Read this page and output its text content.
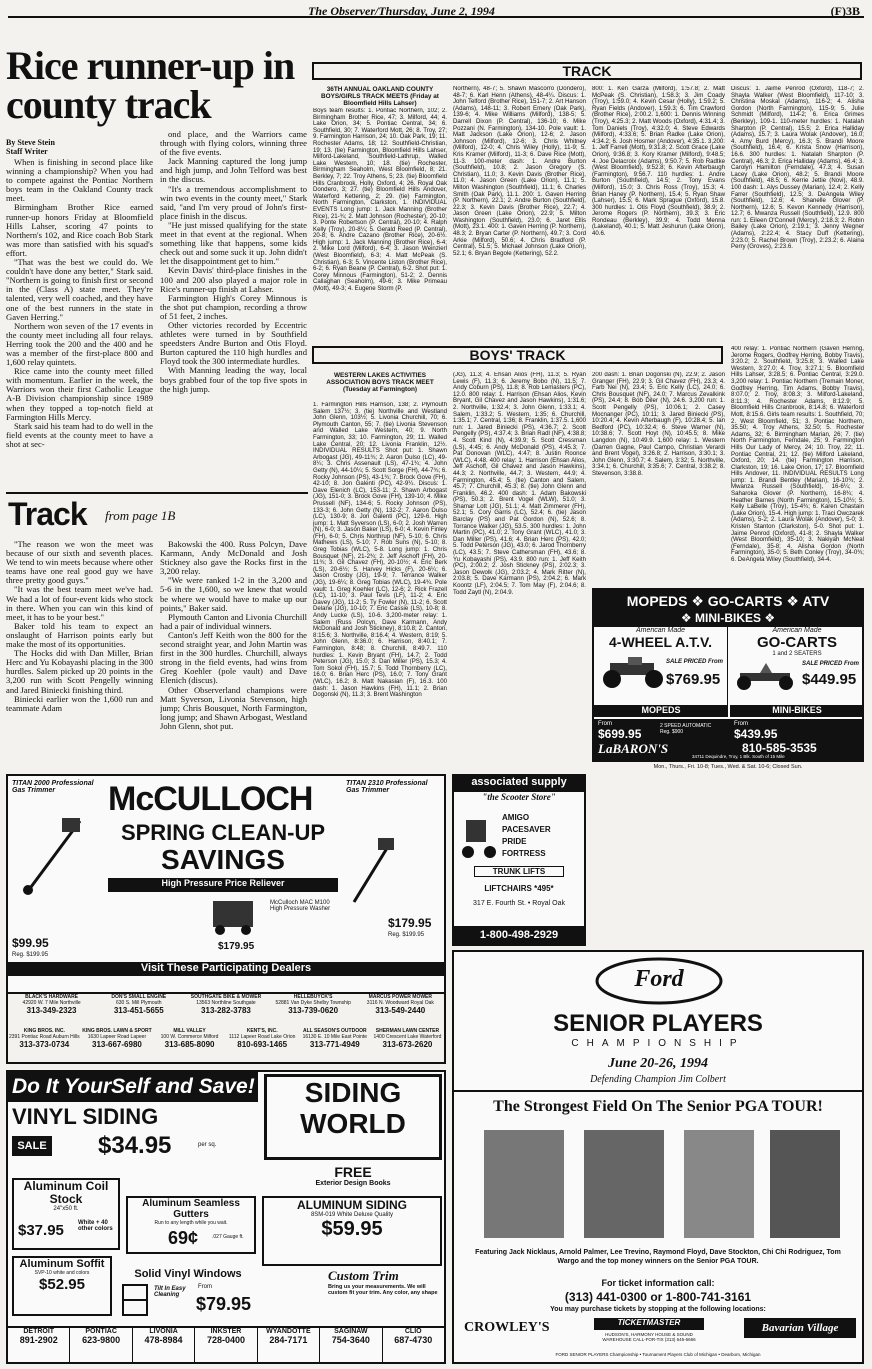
The Observer/Thursday, June 2, 1994	(F)3B
Rice runner-up in county track
By Steve Stein
Staff Writer

When is finishing in second place like winning a championship? When you had to compete against the Pontiac Northern boys team in the Oakland County track meet.

Birmingham Brother Rice earned runner-up honors Friday at Bloomfield Hills Lahser, scoring 47 points to Northern's 102, and Rice coach Bob Stark was more than satisfied with his squad's effort.

"That was the best we could do. We couldn't have done any better," Stark said. "Northern is going to finish first or second in the (Class A) state meet. They're talented, very well coached, and they have one of the best runners in the state in Gaven Herring."

Northern won seven of the 17 events in the county meet including all four relays. Herring took the 200 and the 400 and he was a member of the first-place 800 and 1,600 relay quintets.

Rice came into the county meet filled with momentum. Earlier in the week, the Warriors won their first Catholic League A-B Division championship since 1989 when they topped a top-notch field at Farmington Hills Mercy.

Stark said his team had to do well in the field events at the county meet to have a shot at sec-

ond place, and the Warriors came through with flying colors, winning three of the five events.

Jack Manning captured the long jump and high jump, and John Telford was best in the discus.

"It's a tremendous accomplishment to win two events in the county meet," Stark said, "and I'm very proud of John's first-place finish in the discus.

"He just missed qualifying for the state meet in that event at the regional. When something like that happens, some kids check out and some suck it up. John didn't let the disappointment get to him."

Kevin Davis' third-place finishes in the 100 and 200 also played a major role in Rice's runner-up finish at Lahser.

Farmington High's Corey Minnous is the shot put champion, recording a throw of 51 feet, 2 inches.

Other victories recorded by Eccentric athletes were turned in by Southfield speedsters Andre Burton and Otis Floyd. Burton captured the 110 high hurdles and Floyd took the 300 intermediate hurdles.

With Manning leading the way, local boys grabbed four of the top five spots in the high jump.

Track from page 1B

"The reason we won the meet was because of our sixth and seventh places. We tend to win meets because where other teams have one real good guy we have three pretty good guys."

"It was the best team meet we've had. We had a lot of four-event kids who stock in there. When you can win this kind of meet, it has to be your best."

Baker told his team to expect an onslaught of Harrison points early but make the most of its opportunities.

The Hocks did with Dan Miller, Brian Herc and Yu Kobayashi placing in the 300 hurdles. Salem picked up 20 points in the 3,200 run with Scott Pengelly winning and Jared Biniecki finishing third.

Biniecki earlier won the 1,600 run and teammate Adam

Bakowski the 400. Russ Polcyn, Dave Karmann, Andy McDonald and Josh Stickney also gave the Rocks first in the 3,200 relay.

"We were ranked 1-2 in the 3,200 and 5-6 in the 1,600, so we knew that would be where we would have to make up our points," Baker said.

Plymouth Canton and Livonia Churchill had a pair of individual winners.

Canton's Jeff Keith won the 800 for the second straight year, and John Martin was first in the 300 hurdles. Churchill, always strong in the field events, had wins from Greg Koehler (pole vault) and Dave Elenich (discus).

Other Observerland champions were Matt Syverson, Livonia Stevenson, high jump; Chris Bousquet, North Farmington, long jump; and Shawn Arbogast, Westland John Glenn, shot put.

TRACK
36TH ANNUAL OAKLAND COUNTY BOYS/GIRLS TRACK MEETS (Friday at Bloomfield Hills Lahser)
Boys team results: 1. Pontiac Northern, 102; 2. Birmingham Brother Rice, 47; 3. Milford, 44; 4. Lake Orion, 34; 5. Pontiac Central, 34; 6. Southfield, 30; 7. Waterford Mott, 26; 8. Troy, 27; 9. Farmington Harrison, 24; 10. Oak Park, 19; 11. Rochester Adams, 18; 12. Southfield-Christian, 19; 13. (tie) Farmington, Bloomfield Hills Lahser, Milford-Lakeland, Southfield-Lathrup, Walled Lake Western, 10; 18. (tie) Rochester, Birmingham Seaholm, West Bloomfield, 8; 21. Berkley, 7; 22. Troy Athens, 5; 23. (tie) Bloomfield Hills Cranbrook, Holly, Oxford, 4; 26. Royal Oak Dondero, 3; 27. (tie) Bloomfield Hills Andover, Waterford Kettering, 2; 29. (tie) Farmington, North Farmington, Clarkston, 1. INDIVIDUAL EVENTS Long jump: 1. Jack Manning (Brother Rice), 21-¾; 2. Matt Johnson (Rochester), 20-10; 3. Ponte Robertson (P. Central), 20-10; 4. Ralph Kelly (Troy), 20-8¼; 5. Gerald Reed (P. Central), 20-8; 6. Andre Cazano (Brother Rice), 20-6½. High jump: 1. Jack Manning (Brother Rice), 6-4; 2. Mike Lord (Milford), 6-4; 3. Jason Weinzierl (West Bloomfield), 6-3; 4. Matt McPeak (S. Christian), 6-3; 5. Vincente Liston (Brother Rice), 6-2; 6. Ryan Beane (P. Central), 6-2. Shot put: 1. Corey Minnous (Farmington), 51-2; 2. Dennis Callaghan (Seaholm), 49-6; 3. Mike Primeau (Mott), 49-3; 4. Eugene Storm (P.
Northern), 48-7; 5. Shawn Mascorro (Dondero), 48-7; 6. Karl Henn (Athens), 48-4¼. Discus: 1. John Telford (Brother Rice), 151-7; 2. Art Hanson (Adams), 148-11; 3. Robert Emery (Oak Park), 139-6; 4. Mike Williams (Milford), 138-5; 5. Darrell Dixon (P. Central), 136-10; 6. Mike Pozzani (N. Farmington), 134-10. Pole vault: 1. Matt Jackson (Lake Orion), 12-6; 2. Jason Johnson (Milford), 12-6; 3. Chris Whitney (Milford), 12-0; 4. Chris Wiley (Holly), 11-9; 5. Kris Kramer (Milford), 11-3; 6. Dave Rice (Mott), 11-3. 100-meter dash: 1. Andre Burton (Southfield), 10.8; 2. Jason Gregory (S. Christian), 11.0; 3. Kevin Davis (Brother Rice), 11.0; 4. Jason Green (Lake Orion), 11.1; 5. Milton Washington (Southfield), 11.1; 6. Charles Smith (Oak Park), 11.1. 200: 1. Gaven Herring (P. Northern), 22.1; 2. Andre Burton (Southfield), 22.3; 3. Kevin Davis (Brother Rice), 22.7; 4. Jason Green (Lake Orion), 22.9; 5. Milton Washington (Southfield), 23.0; 6. Jaret Ellis (Mott), 23.1. 400: 1. Gaven Herring (P. Northern), 48.3; 2. Bryan Carter (P. Northern), 49.7; 3. Cord Arkie (Milford), 50.6; 4. Chris Bradford (P. Central), 51.5; 5. Michael Johnson (Lake Orion), 52.1; 6. Bryan Begole (Kettering), 52.2.
800: 1. Ken Garza (Milford), 1:57.8; 2. Matt McPeak (S. Christian), 1:58.3; 3. Jim Coady (Troy), 1:59.0; 4. Kevin Cesar (Holly), 1:59.2; 5. Ryan Fields (Andover), 1:59.3; 6. Tim Crawford (Brother Rice), 2:00.2. 1,600: 1. Dennis Winning (Troy), 4:25.3; 2. Matt Woods (Oxford), 4:31.4; 3. Tom Daniels (Troy), 4:32.0; 4. Steve Edwards (Milford), 4:33.6; 5. Brian Radke (Lake Orion), 4:34.2; 6. Josh Hosmer (Andover), 4:35.1. 3,200: 1. Jeff Farrell (Mott), 9:31.8; 2. Scott Grace (Lake Orion), 9:36.8; 3. Kory Kramer (Milford), 9:48.5; 4. Joe Delacroix (Adams), 9:50.7; 5. Rob Radtke (West Bloomfield), 9:52.8; 6. Kevin Afterbaugh (Farmington), 9:56.7. 110 hurdles: 1. Andre Burton (Southfield), 14.5; 2. Tony Evans (Milford), 15.0; 3. Chris Ross (Troy), 15.3; 4. Brian Haney (P. Northern), 15.4; 5. Ryan Shaw (Lahser), 15.5; 6. Mark Sprague (Oxford), 15.8. 300 hurdles: 1. Otis Floyd (Southfield), 38.9; 2. Jerome Rogers (P. Northern), 39.3; 3. Eric Rondeau (Berkley), 39.9; 4. Todd Menna (Lakeland), 40.1; 5. Matt Jeshurun (Lake Orion), 40.6.
Discus: 1. Jaime Penrod (Oxford), 118-7; 2. Shayla Walker (West Bloomfield), 117-10; 3. Christina Moskal (Adams), 116-2; 4. Alisha Gordon (North Farmington), 115-9; 5. Julie Schmidt (Milford), 114-2; 6. Erica Grimes (Berkley), 109-1. 110-meter hurdles: 1. Natalah Sharpton (P. Central), 15.5; 2. Erica Halliday (Adams), 15.7; 3. Laura Wolak (Andover), 16.0; 4. Amy Burd (Mercy), 16.3; 5. Brandi Moore (Southfield), 16.4; 6. Krista Snow (Harrison), 16.6. 300 hurdles: 1. Natalah Sharpton (P. Central), 46.3; 2. Erica Halliday (Adams), 46.4; 3. Carolyn Hamilton (Ferndale), 47.3; 4. Susan Lacey (Lake Orion), 48.2; 5. Brandi Moore (Southfield), 48.5; 6. Kerrie Jettie (Novi), 48.9. 100 dash: 1. Alys Dussey (Marian), 12.4; 2. Kelly Farrer (Southfield), 12.5; 3. DeAngela Wiley (Southfield), 12.6; 4. Shanelle Glover (P. Northern), 12.6; 5. Kevon Kennedy (Harrison), 12.7; 6. Mwanza Russell (Southfield), 12.9. 800 run: 1. Eileen O'Connell (Mercy), 2:18.3; 2. Robin Bailey (Lake Orion), 2:19.1; 3. Jenny Wegner (Adams), 2:22.4; 4. Stacy Duff (Kettering), 2:23.0; 5. Rachel Brown (Troy), 2:23.2; 6. Alaina Perry (Groves), 2:23.6.
BOYS' TRACK
WESTERN LAKES ACTIVITIES ASSOCIATION BOYS TRACK MEET (Tuesday at Farmington)
1. Farmington Hills Harrison, 138; 2. Plymouth Salem 137½; 3. (tie) Northville and Westland John Glenn, 103½; 5. Livonia Churchill, 70; 6. Plymouth Canton, 55; 7. (tie) Livonia Stevenson and Walled Lake Western, 40; 9. North Farmington, 33; 10. Farmington, 29; 11. Walled Lake Central, 20; 12. Livonia Franklin, 12½. INDIVIDUAL RESULTS Shot put: 1. Shawn Arbogast (JG), 49-11¾; 2. Aaron Dulso (LC), 49-8¼; 3. Chris Assenault (LS), 47-1¾; 4. John Getty (N), 44-10¼; 5. Scott Sorge (FH), 44-7¾; 6. Rocky Johnson (PS), 43-1¾; 7. Brock Gove (FH), 42-10; 8. Jon Galenti (PC), 42-9¼. Discus: 1. Dave Elenich (LC), 153-11; 2. Shawn Arbogast (JG), 151-0; 3. Brock Gove (FH), 139-10; 4. Mike Prussell (NF), 134-6; 5. Rocky Johnson (PS), 133-3; 6. John Getty (N), 132-2; 7. Aaron Dulso (LC), 130-9; 8. Jon Galenti (PC), 129-6. High jump: 1. Matt Syverson (LS), 6-0; 2. Josh Warren (N), 6-0; 3. Jason Baker (LS), 6-0; 4. Kevin Finley (FH), 6-0; 5. Chris Northrup (NF), 5-10; 6. Chris Mathews (LS), 5-10; 7. Rob Suns (N), 5-10; 8. Greg Tobias (WLC), 5-8. Long jump: 1. Chris Bousquet (NF), 21-2¾; 2. Jeff Aschoff (FH), 20-11¾; 3. Gil Chavez (FH), 20-10½; 4. Eric Berk (LS), 20-6½; 5. Harvey Hicks (F), 20-6¼; 6. Jason Crosby (JG), 19-9; 7. Terrance Walker (JG), 19-6¼; 8. Greg Tobias (WLC), 19-4¾. Pole vault: 1. Greg Koehler (LC), 12-6; 2. Rick Frazell (LC), 11-10; 3. Paul Tevis (LF), 11-2; 4. Eric Davey (JG), 11-2; 5. Ty Fowler (N), 11-2; 6. Scott Delane (JG), 10-10; 7. Eric Cassie (LS), 10-8; 8. Andy Lucke (LS), 10-6. 3,200-meter relay: 1. Salem (Russ Polcyn, Dave Karmann, Andy McDonald and Josh Stickney), 8:10.8; 2. Canton, 8:15.6; 3. Northville, 8:16.4; 4. Western, 8:19; 5. John Glenn, 8:36.0; 6. Harrison, 8:40.1; 7. Farmington, 8:48; 8. Churchill, 8:49.7. 110 hurdles: 1. Kevin Bryant (FH), 14.7; 2. Todd Peterson (JG), 15.0; 3. Dan Miller (PS), 15.3; 4. Tom Sokol (FH), 15.7; 5. Todd Thornberry (LC), 16.0; 6. Brian Herc (PS), 16.0; 7. Tony Grant (WLC), 16.2; 8. Matt Nakasian (F), 16.3. 100 dash: 1. Jason Hawkins (FH), 11.1; 2. Brian Dogonski (N), 11.3; 3. Brent Washington
(JG), 11.3; 4. Ehsan Alios (FH), 11.3; 5. Ryan Lewis (F), 11.3; 6. Jeremy Bobo (N), 11.5; 7. Andy Coburn (PS), 11.8; 8. Rob Lemasters (PC), 12.0. 800 relay: 1. Harrison (Ehsan Alios, Kevin Bryant, Gil Chavez and Jason Hawkins), 1:31.6; 2. Northville, 1:32.4; 3. John Glenn, 1:33.1; 4. Salem, 1:33.2; 5. Western, 1:35; 6. Churchill, 1:35.1; 7. Central, 1:36; 8. Franklin, 1:37.5. 1,600 run: 1. Jared Biniecki (PS), 4:36.7; 2. Scott Pengelly (PS), 4:37.4; 3. Brian Radl (NF), 4:38.8; 4. Scott Kind (N), 4:39.9; 5. Scott Cressman (LS), 4:45; 6. Andy McDonald (PS), 4:45.3; 7. Pat Donovan (WLC), 4:47; 8. Justin Roonce (WLC), 4:48. 400 relay: 1. Harrison (Ehsan Alios, Jeff Aschoff, Gil Chavez and Jason Hawkins), 44.3; 2. Northville, 44.7; 3. Western, 44.9; 4. Farmington, 45.4; 5. (tie) Canton and Salem, 45.7; 7. Churchill, 45.3; 8. (tie) John Glenn and Franklin, 46.2. 400 dash: 1. Adam Bakowski (PS), 50.3; 2. Brent Vogel (WLW), 51.0; 3. Shamar Lott (JG), 51.1; 4. Matt Zimmerer (FH), 52.1; 5. Cory Garris (LC), 52.4; 6. (tie) Jason Barclay (PS) and Pat Gordon (N), 52.6; 8. Torrance Walker (JG), 53.5. 300 hurdles: 1. John Martin (PC), 41.0; 2. Tony Grant (WLC), 41.0; 3. Dan Miller (PS), 41.6; 4. Brian Herc (PS), 42.0; 5. Todd Peterson (JG), 43.0; 6. Jarod Thornberry (LC), 43.5; 7. Steve Cathersman (FH), 43.6; 8. Yu Kobayashi (PS), 43.9. 800 run: 1. Jeff Keith (PC), 2:00.2; 2. Josh Stickney (PS), 2:02.3; 3. Jason Dewolk (JG), 2:03.2; 4. Mark Ritter (N), 2:03.8; 5. Dave Karmann (PS), 2:04.2; 6. Mark Koontz (LF), 2:04.5; 7. Tom May (F), 2:04.6; 8. Todd Zaytl (N), 2:04.9.
200 dash: 1. Brian Dogonski (N), 22.9; 2. Jason Granger (FH), 22.9; 3. Gil Chavez (FH), 23.3; 4. Farb Nei (N), 23.4; 5. Eric Kelly (LC), 24.0; 6. Chris Bousquet (NF), 24.0; 7. Marcus Zevalkink (PS), 24.4; 8. Bob Diler (N), 24.6. 3,200 run: 1. Scott Pengelly (PS), 10:06.1; 2. Casey Mocnanger (PC), 10:11; 3. Jared Biniecki (PS), 10:20.4; 4. Kevin Afterbaugh (F), 10:28.4; 5. Ian Bedford (PC), 10:32.4; 6. Steve Warner (N), 10:38.6; 7. Scott Hoyt (N), 10:45.5; 8. Mike Langdon (N), 10:49.9. 1,600 relay: 1. Western (Darren Gagne, Paul Campo, Christian Verardi and Brent Vogel), 3:26.8; 2. Harrison, 3:30.1; 3. John Glenn, 3:30.7; 4. Salem, 3:32; 5. Northville, 3:34.1; 6. Churchill, 3:35.6; 7. Central, 3:38.2; 8. Stevenson, 3:38.8.
400 relay: 1. Pontiac Northern (Gaven Herring, Jerome Rogers, Godfrey Herring, Bobby Travis), 3:20.2; 2. Southfield, 3:25.8; 3. Walled Lake Western, 3:27.0; 4. Troy, 3:27.1; 5. Bloomfield Hills Lahser, 3:28.5; 6. Pontiac Central, 3:29.0. 3,200 relay: 1. Pontiac Northern (Tremain Moner, Godfrey Herring, Tim Adams, Bobby Travis), 8:07.0; 2. Troy, 8:08.3; 3. Milford-Lakeland, 8:11.3; 4. Rochester Adams, 8:12.9; 5. Bloomfield Hills Cranbrook, 8:14.8; 6. Waterford Mott, 8:15.6. Girls team results: 1. Southfield, 70; 2. West Bloomfield, 51; 3. Pontiac Northern, 35.50; 4. Troy Athens, 32.50; 5. Rochester Adams, 32; 6. Birmingham Marian, 26; 7. (tie) North Farmington, Ferndale, 25; 9. Farmington Hills Our Lady of Mercy, 24; 10. Troy, 22; 11. Pontiac Central, 21; 12. (tie) Milford Lakeland, Oxford, 20; 14. (tie) Farmington Harrison, Clarkston, 19; 16. Lake Orion, 17; 17. Bloomfield Hills Andover, 11. INDIVIDUAL RESULTS Long jump: 1. Brandi Bentley (Marian), 16-10¾; 2. Mwanza Russell (Southfield), 16-6¼; 3. Saharoka Glover (P. Northern), 16-8¾; 4. Heather Barnes (North Farmington), 15-10½; 5. Kelly LaBelle (Troy), 15-4¾; 6. Karen Chastain (Lake Orion), 15-4. High jump: 1. Traci Owczarek (Adams), 5-2; 2. Laura Wolak (Andover), 5-0; 3. Kristen Stanton (Clarkston), 5-0. Shot put: 1. Jaime Penrod (Oxford), 41-8; 2. Shayla Walker (West Bloomfield), 35-10; 3. Nakiyah McNeal (Ferndale), 35-8; 4. Alisha Gordon (North Farmington), 35-0; 5. Beth Conley (Troy), 34-0¾; 6. DeAngela Wiley (Southfield), 34-4.
MOPEDS ❖ GO-CARTS ❖ ATV
❖ MINI-BIKES ❖
American Made
4-WHEEL A.T.V.
SALE PRICED From
$769.95
American Made
GO-CARTS
1 and 2 SEATERS
SALE PRICED From
$449.95
MOPEDS	MINI-BIKES
From
$699.95
2 SPEED AUTOMATIC Reg. $900
From
$439.95
LaBARON'S	810-585-3535
34711 Dequindre, Troy, 1 Blk. South of 15 Mile
Mon., Thurs., Fri. 10-8; Tues., Wed. & Sat. 10-6; Closed Sun.
TITAN 2000 Professional Gas Trimmer
$99.95
Reg. $199.95
McCULLOCH
SPRING CLEAN-UP
SAVINGS
High Pressure Price Reliever
McCulloch MAC M100 High Pressure Washer
$179.95
TITAN 2310 Professional Gas Trimmer
$179.95
Reg. $199.95
Visit These Participating Dealers
BLACK'S HARDWARE
42920 W. 7 Mile Northville
313-349-2323
DON'S SMALL ENGINE
630 S. Mill Plymouth
313-451-5655
SOUTHGATE BIKE & MOWER
13563 Northline Southgate
313-282-3783
HELLEBUYCK'S
52881 Van Dyke Shelby Township
313-739-0620
MARCUS POWER MOWER
3116 N. Woodward Royal Oak
313-549-2440
KING BROS. INC.
2391 Pontiac Road Auburn Hills
313-373-0734
KING BROS. LAWN & SPORT
1630 Lapeer Road Lapeer
313-667-6980
MILL VALLEY
100 W. Commerce Milford
313-685-8090
KENT'S, INC.
1112 Lapeer Road Lake Orion
810-693-1465
ALL SEASON'S OUTDOOR
16130 E. 10 Mile East Pointe
313-771-4949
SHERMAN LAWN CENTER
1400 Crescent Lake Waterford
313-673-2620
associated supply
"the Scooter Store"
AMIGO
PACESAVER
PRIDE
FORTRESS
TRUNK LIFTS
LIFTCHAIRS *495*
317 E. Fourth St. • Royal Oak
1-800-498-2929
Do It YourSelf and Save!
VINYL SIDING
SALE $34.95	per sq.
SIDING
WORLD
FREE
Exterior Design Books
Aluminum Coil Stock
24"x50 ft.
$37.95 White + 40 other colors
Aluminum Seamless Gutters
Run to any length while you wait.
69¢	.027 Gauge ft.
ALUMINUM SIDING
8SM-019 White Deluxe Quality
$59.95
Aluminum Soffit
SVP-10 white and colors
$52.95
Solid Vinyl Windows
Tilt In Easy Cleaning
From
$79.95
Custom Trim
Bring us your measurements. We will custom fit your trim. Any color, any shape
DETROIT
891-2902
PONTIAC
623-9800
LIVONIA
478-8984
INKSTER
728-0400
WYANDOTTE
284-7171
SAGINAW
754-3640
CLIO
687-4730
Ford
SENIOR PLAYERS
CHAMPIONSHIP
June 20-26, 1994
Defending Champion Jim Colbert
The Strongest Field On The Senior PGA TOUR!
Featuring Jack Nicklaus, Arnold Palmer, Lee Trevino, Raymond Floyd, Dave Stockton, Chi Chi Rodriguez, Tom Wargo and the top money winners on the Senior PGA TOUR.
For ticket information call:
(313) 441-0300 or 1-800-741-3161
You may purchase tickets by stopping at the following locations:
CROWLEY'S	TICKETMASTER
HUDSON'S, HARMONY HOUSE & SOUND WAREHOUSE CALL-FOR-TIX (313) 645-6666
Bavarian Village
FORD SENIOR PLAYERS Championship • Tournament Players Club of Michigan • Dearborn, Michigan
